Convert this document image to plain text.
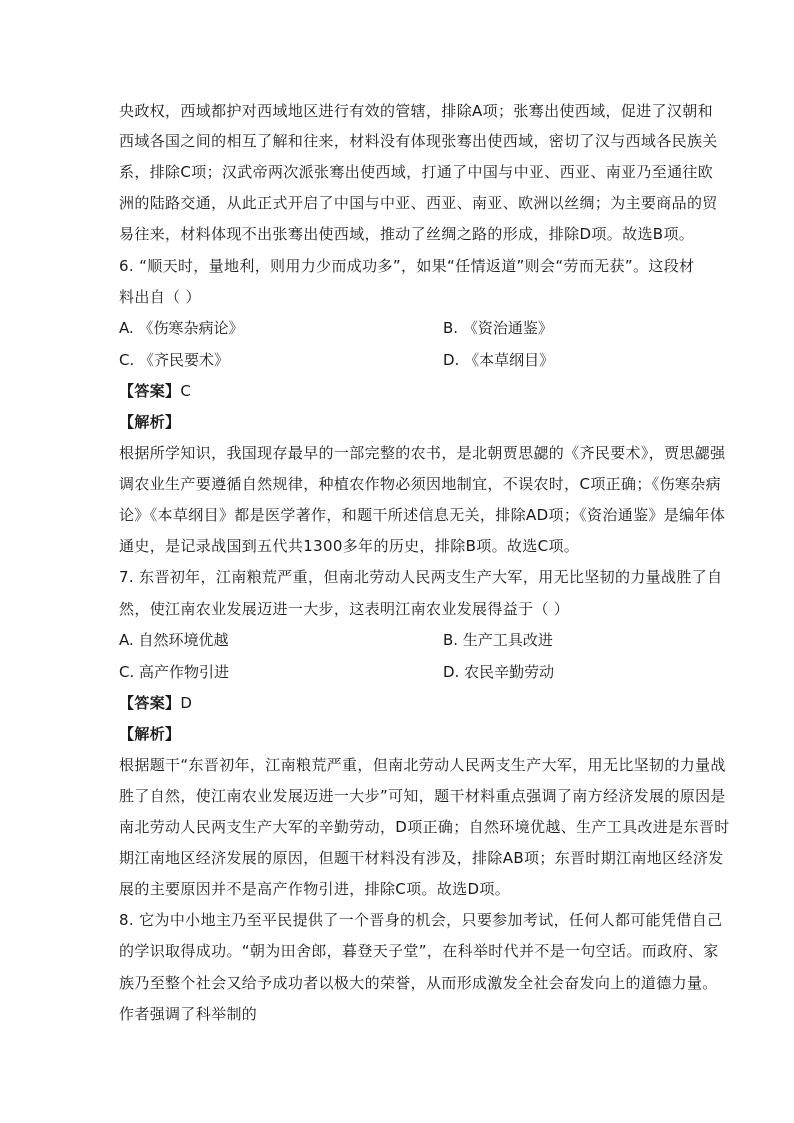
央政权，西域都护对西域地区进行有效的管辖，排除A项；张骞出使西域，促进了汉朝和
西域各国之间的相互了解和往来，材料没有体现张骞出使西域，密切了汉与西域各民族关
系，排除C项；汉武帝两次派张骞出使西域，打通了中国与中亚、西亚、南亚乃至通往欧
洲的陆路交通，从此正式开启了中国与中亚、西亚、南亚、欧洲以丝绸；为主要商品的贸
易往来，材料体现不出张骞出使西域，推动了丝绸之路的形成，排除D项。故选B项。
6. “顺天时，量地利，则用力少而成功多”，如果“任情返道”则会“劳而无获”。这段材
料出自（ ）
A. 《伤寒杂病论》	B. 《资治通鉴》
C. 《齐民要术》	D. 《本草纲目》
【答案】C
【解析】
根据所学知识，我国现存最早的一部完整的农书，是北朝贾思勰的《齐民要术》，贾思勰强
调农业生产要遵循自然规律，种植农作物必须因地制宜，不误农时，C项正确；《伤寒杂病
论》《本草纲目》都是医学著作，和题干所述信息无关，排除AD项；《资治通鉴》是编年体
通史，是记录战国到五代共1300多年的历史，排除B项。故选C项。
7. 东晋初年，江南粮荒严重，但南北劳动人民两支生产大军，用无比坚韧的力量战胜了自
然，使江南农业发展迈进一大步，这表明江南农业发展得益于（ ）
A. 自然环境优越	B. 生产工具改进
C. 高产作物引进	D. 农民辛勤劳动
【答案】D
【解析】
根据题干“东晋初年，江南粮荒严重，但南北劳动人民两支生产大军，用无比坚韧的力量战
胜了自然，使江南农业发展迈进一大步”可知，题干材料重点强调了南方经济发展的原因是
南北劳动人民两支生产大军的辛勤劳动，D项正确；自然环境优越、生产工具改进是东晋时
期江南地区经济发展的原因，但题干材料没有涉及，排除AB项；东晋时期江南地区经济发
展的主要原因并不是高产作物引进，排除C项。故选D项。
8. 它为中小地主乃至平民提供了一个晋身的机会，只要参加考试，任何人都可能凭借自己
的学识取得成功。“朝为田舍郎，暮登天子堂”，在科举时代并不是一句空话。而政府、家
族乃至整个社会又给予成功者以极大的荣誉，从而形成激发全社会奋发向上的道德力量。
作者强调了科举制的
